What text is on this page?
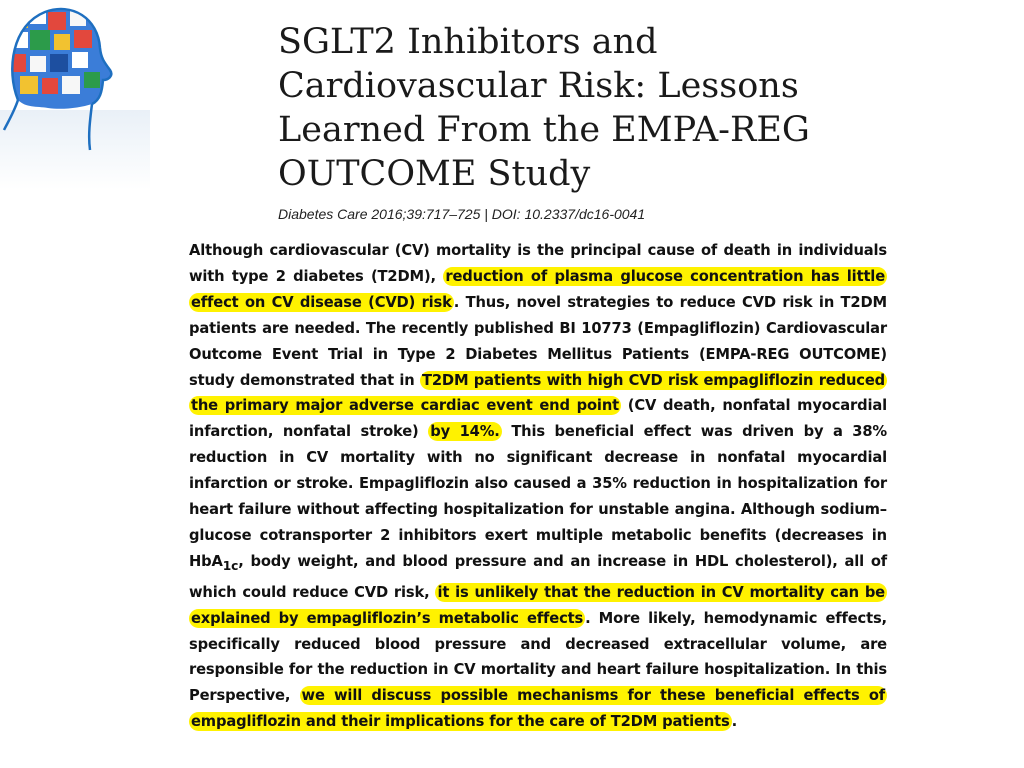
SGLT2 Inhibitors and Cardiovascular Risk: Lessons Learned From the EMPA-REG OUTCOME Study
Diabetes Care 2016;39:717–725 | DOI: 10.2337/dc16-0041

Although cardiovascular (CV) mortality is the principal cause of death in individuals with type 2 diabetes (T2DM), reduction of plasma glucose concentration has little effect on CV disease (CVD) risk . Thus, novel strategies to reduce CVD risk in T2DM patients are needed. The recently published BI 10773 (Empagliflozin) Cardiovascular Outcome Event Trial in Type 2 Diabetes Mellitus Patients (EMPA-REG OUTCOME) study demonstrated that in T2DM patients with high CVD risk empagliflozin reduced the primary major adverse cardiac event end point (CV death, nonfatal myocardial infarction, nonfatal stroke) by 14%. This beneficial effect was driven by a 38% reduction in CV mortality with no significant decrease in nonfatal myocardial infarction or stroke. Empagliflozin also caused a 35% reduction in hospitalization for heart failure without affecting hospitalization for unstable angina. Although sodium–glucose cotransporter 2 inhibitors exert multiple metabolic benefits (decreases in HbA$_{1c}$, body weight, and blood pressure and an increase in HDL cholesterol), all of which could reduce CVD risk, it is unlikely that the reduction in CV mortality can be explained by empagliflozin’s metabolic effects . More likely, hemodynamic effects, specifically reduced blood pressure and decreased extracellular volume, are responsible for the reduction in CV mortality and heart failure hospitalization. In this Perspective, we will discuss possible mechanisms for these beneficial effects of empagliflozin and their implications for the care of T2DM patients .
